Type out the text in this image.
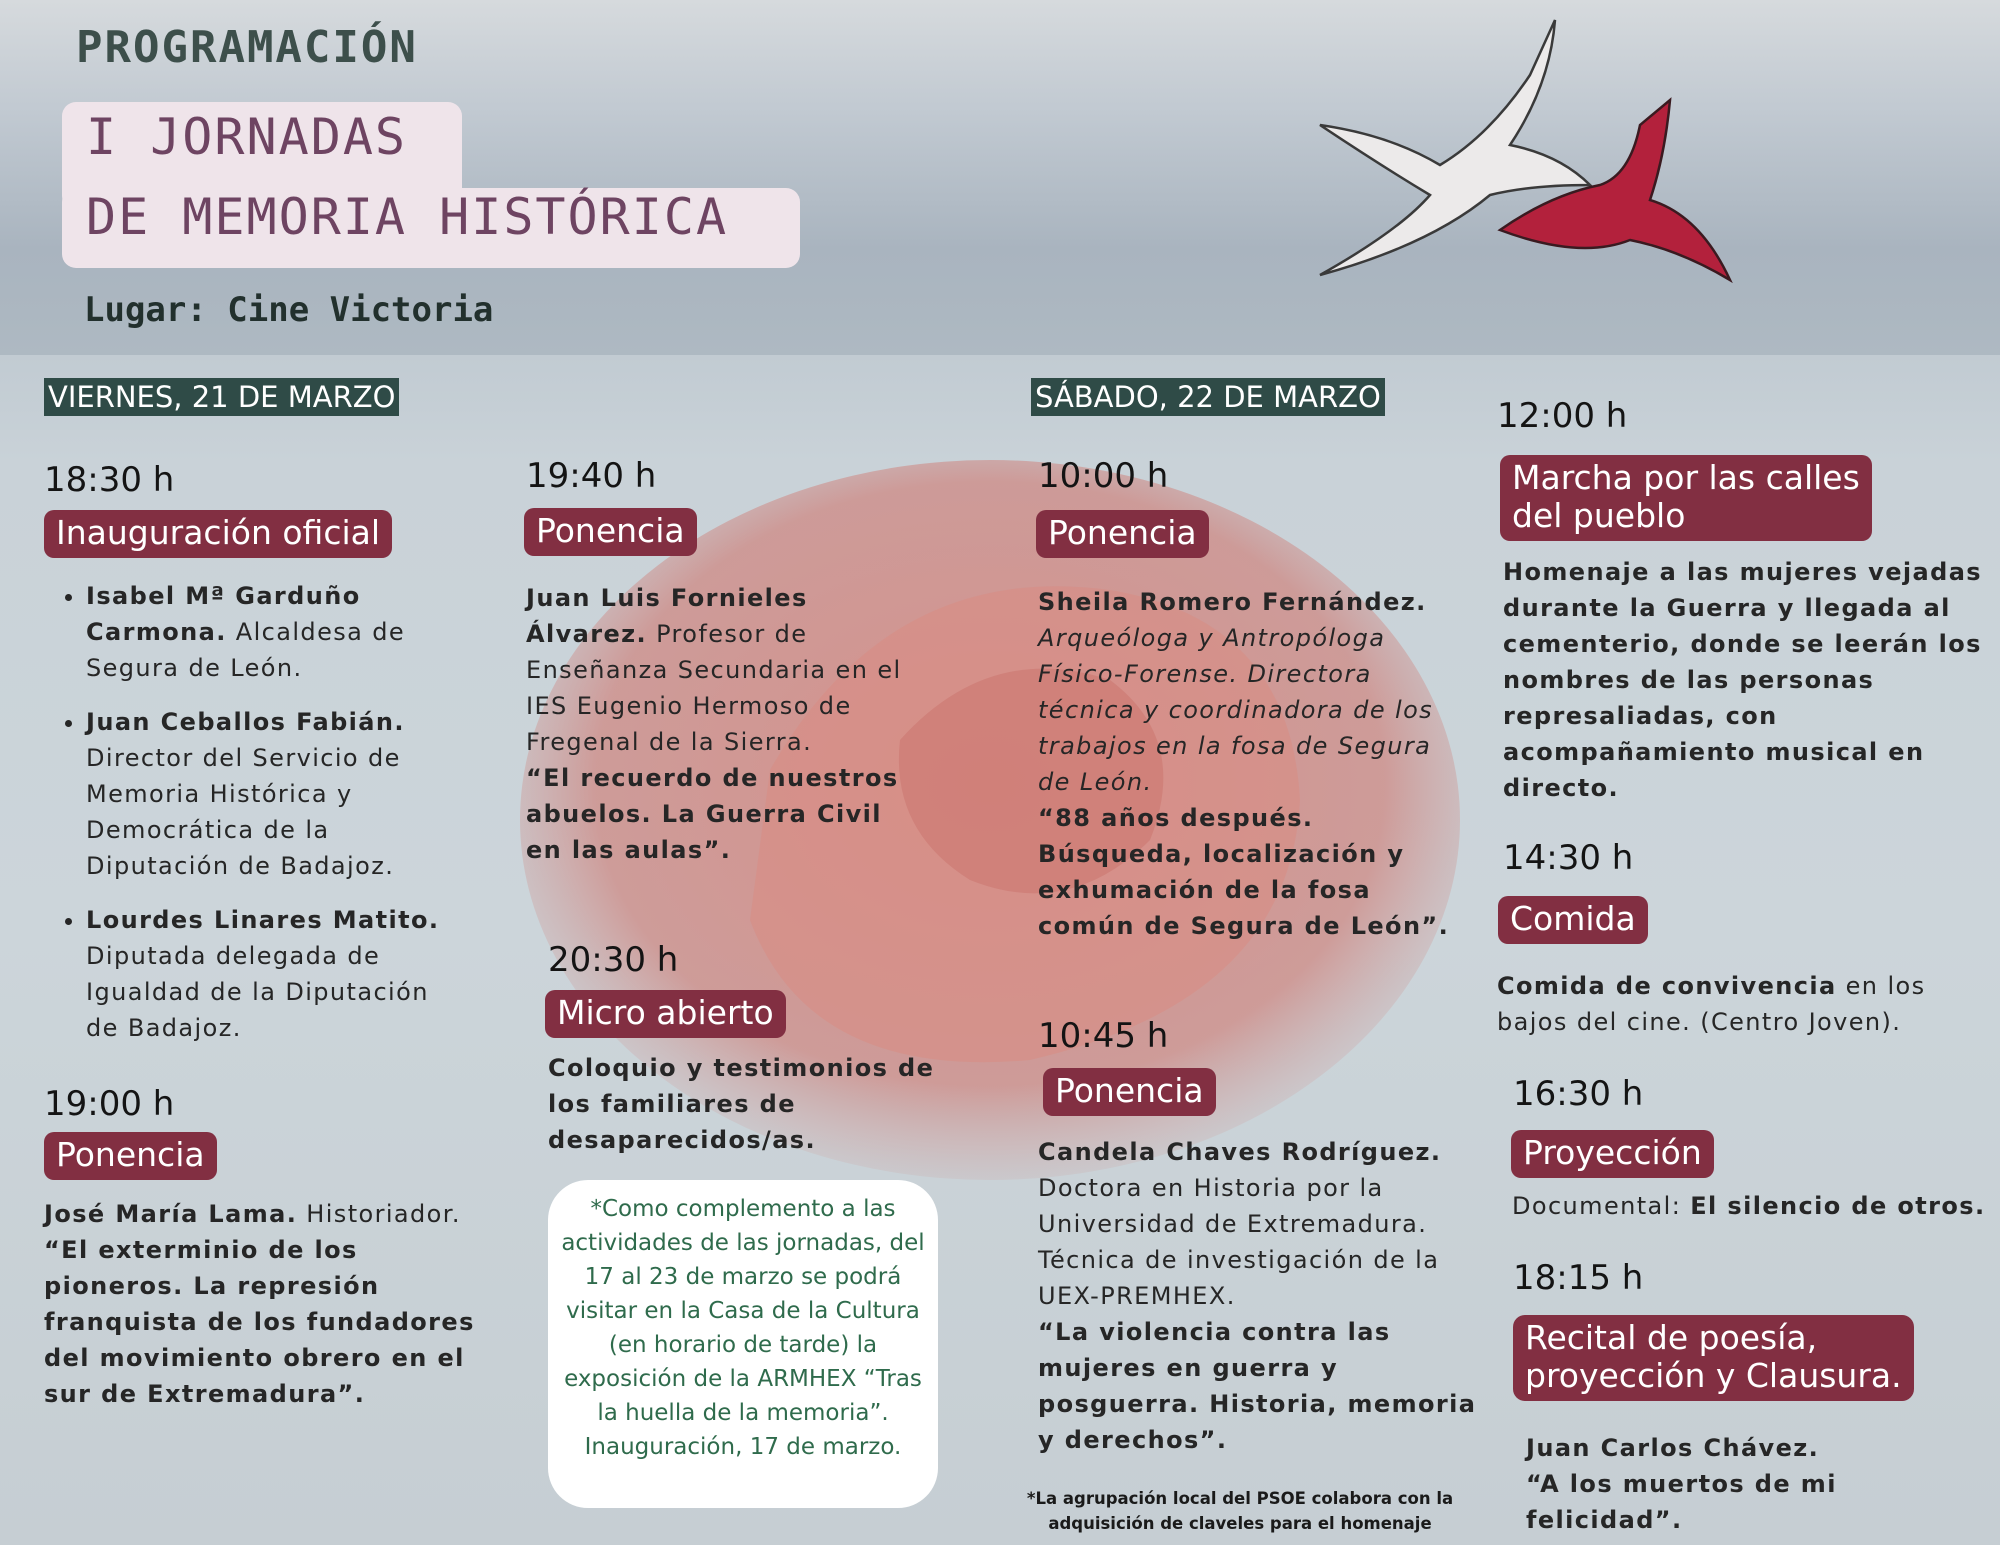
PROGRAMACIÓN
I JORNADAS
DE MEMORIA HISTÓRICA
Lugar: Cine Victoria
VIERNES, 21 DE MARZO
18:30 h
Inauguración oficial
• Isabel Mª Garduño Carmona. Alcaldesa de Segura de León.
• Juan Ceballos Fabián. Director del Servicio de Memoria Histórica y Democrática de la Diputación de Badajoz.
• Lourdes Linares Matito. Diputada delegada de Igualdad de la Diputación de Badajoz.
19:00 h
Ponencia
José María Lama. Historiador.
“El exterminio de los pioneros. La represión franquista de los fundadores del movimiento obrero en el sur de Extremadura”.
19:40 h
Ponencia
Juan Luis Fornieles Álvarez. Profesor de Enseñanza Secundaria en el IES Eugenio Hermoso de Fregenal de la Sierra.
“El recuerdo de nuestros abuelos. La Guerra Civil en las aulas”.
20:30 h
Micro abierto
Coloquio y testimonios de los familiares de desaparecidos/as.
*Como complemento a las actividades de las jornadas, del 17 al 23 de marzo se podrá visitar en la Casa de la Cultura (en horario de tarde) la exposición de la ARMHEX “Tras la huella de la memoria”. Inauguración, 17 de marzo.
SÁBADO, 22 DE MARZO
10:00 h
Ponencia
Sheila Romero Fernández.
Arqueóloga y Antropóloga Físico-Forense. Directora técnica y coordinadora de los trabajos en la fosa de Segura de León.
“88 años después. Búsqueda, localización y exhumación de la fosa común de Segura de León”.
10:45 h
Ponencia
Candela Chaves Rodríguez.
Doctora en Historia por la Universidad de Extremadura. Técnica de investigación de la UEX-PREMHEX.
“La violencia contra las mujeres en guerra y posguerra. Historia, memoria y derechos”.
*La agrupación local del PSOE colabora con la adquisición de claveles para el homenaje
12:00 h
Marcha por las calles
del pueblo
Homenaje a las mujeres vejadas durante la Guerra y llegada al cementerio, donde se leerán los nombres de las personas represaliadas, con acompañamiento musical en directo.
14:30 h
Comida
Comida de convivencia en los bajos del cine. (Centro Joven).
16:30 h
Proyección
Documental: El silencio de otros.
18:15 h
Recital de poesía,
proyección y Clausura.
Juan Carlos Chávez.
“A los muertos de mi felicidad”.
